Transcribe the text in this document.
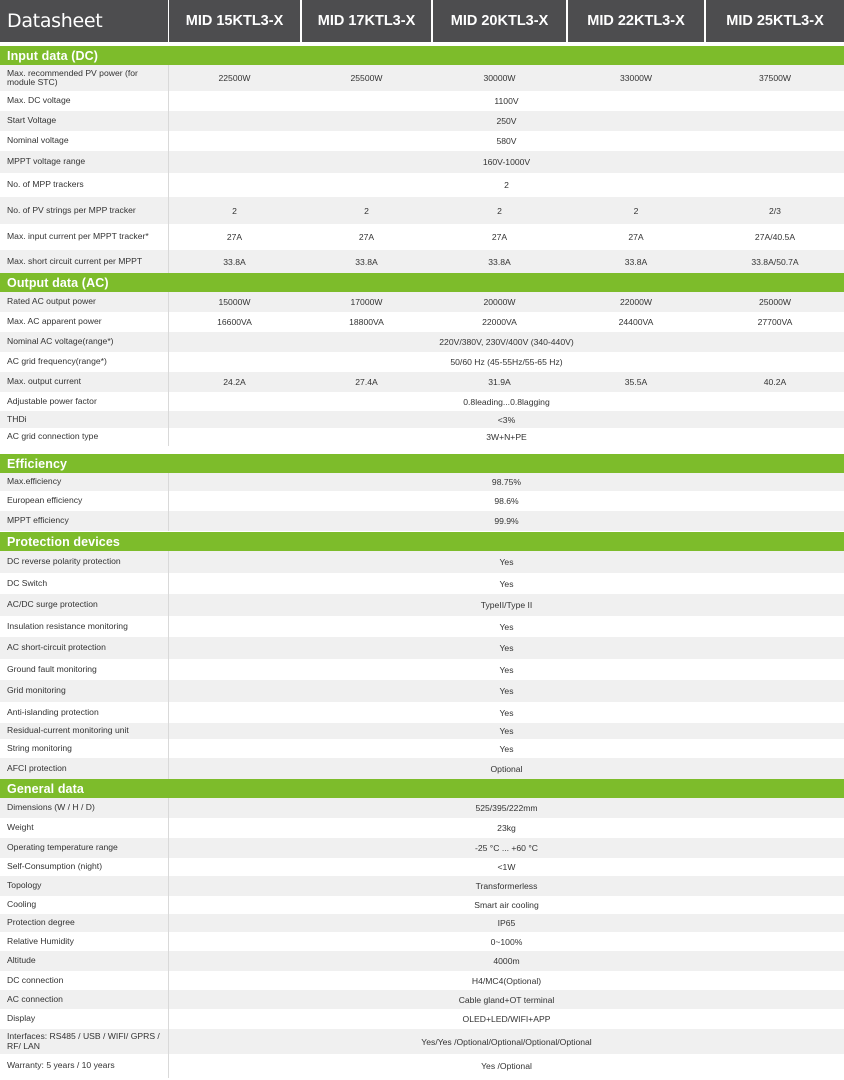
Datasheet	MID 15KTL3-X	MID 17KTL3-X	MID 20KTL3-X	MID 22KTL3-X	MID 25KTL3-X
Input data (DC)
Max. recommended PV power (for module STC)	22500W	25500W	30000W	33000W	37500W
Max. DC voltage	1100V
Start Voltage	250V
Nominal voltage	580V
MPPT voltage range	160V-1000V
No. of MPP trackers	2
No. of PV strings per MPP tracker	2	2	2	2	2/3
Max. input current per MPPT tracker*	27A	27A	27A	27A	27A/40.5A
Max. short circuit current per MPPT	33.8A	33.8A	33.8A	33.8A	33.8A/50.7A
Output data (AC)
Rated AC output power	15000W	17000W	20000W	22000W	25000W
Max. AC apparent power	16600VA	18800VA	22000VA	24400VA	27700VA
Nominal AC voltage(range*)	220V/380V, 230V/400V (340-440V)
AC grid frequency(range*)	50/60 Hz (45-55Hz/55-65 Hz)
Max. output current	24.2A	27.4A	31.9A	35.5A	40.2A
Adjustable power factor	0.8leading...0.8lagging
THDi	<3%
AC grid connection type	3W+N+PE
Efficiency
Max.efficiency	98.75%
European efficiency	98.6%
MPPT efficiency	99.9%
Protection devices
DC reverse polarity protection	Yes
DC Switch	Yes
AC/DC surge protection	TypeII/Type II
Insulation resistance monitoring	Yes
AC short-circuit protection	Yes
Ground fault monitoring	Yes
Grid monitoring	Yes
Anti-islanding protection	Yes
Residual-current monitoring unit	Yes
String monitoring	Yes
AFCI protection	Optional
General data
Dimensions (W / H / D)	525/395/222mm
Weight	23kg
Operating temperature range	-25 °C ... +60 °C
Self-Consumption (night)	<1W
Topology	Transformerless
Cooling	Smart air cooling
Protection degree	IP65
Relative Humidity	0~100%
Altitude	4000m
DC connection	H4/MC4(Optional)
AC connection	Cable gland+OT terminal
Display	OLED+LED/WIFI+APP
Interfaces: RS485 / USB / WIFI/ GPRS / RF/ LAN	Yes/Yes /Optional/Optional/Optional/Optional
Warranty: 5 years / 10 years	Yes /Optional
